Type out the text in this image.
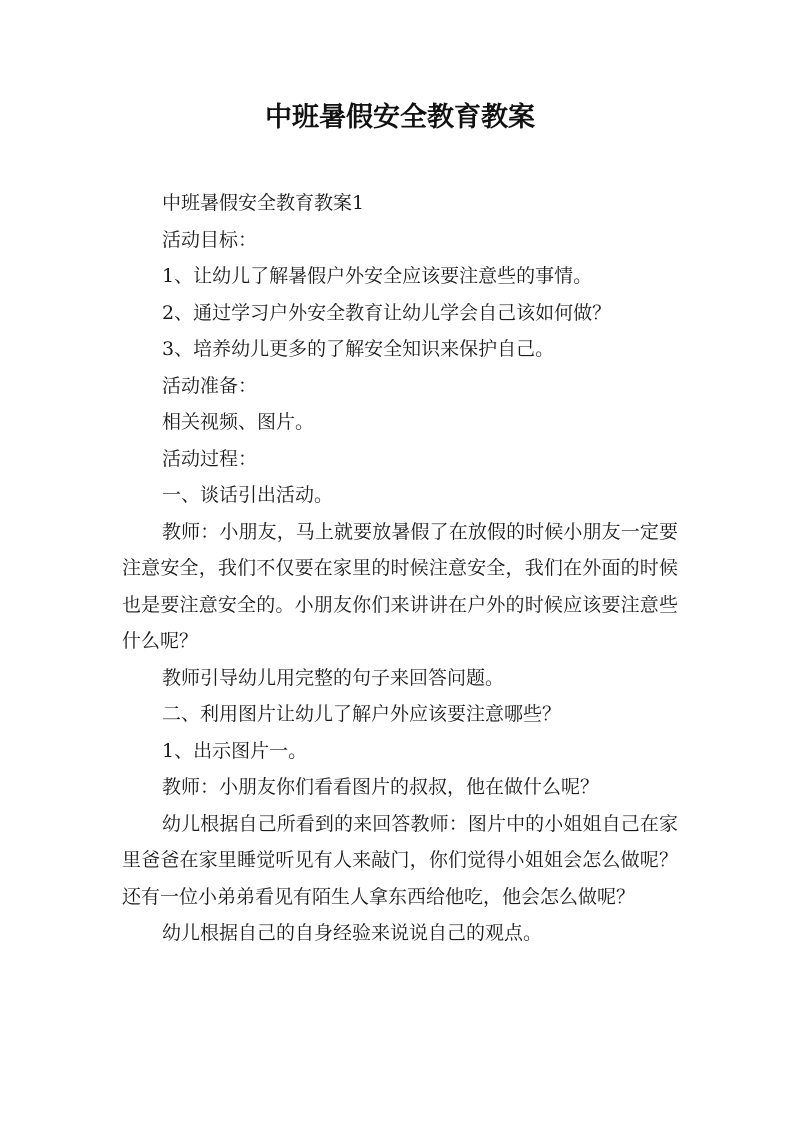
中班暑假安全教育教案

中班暑假安全教育教案1

活动目标：

1、让幼儿了解暑假户外安全应该要注意些的事情。

2、通过学习户外安全教育让幼儿学会自己该如何做？

3、培养幼儿更多的了解安全知识来保护自己。

活动准备：

相关视频、图片。

活动过程：

一、谈话引出活动。

教师：小朋友，马上就要放暑假了在放假的时候小朋友一定要注意安全，我们不仅要在家里的时候注意安全，我们在外面的时候也是要注意安全的。小朋友你们来讲讲在户外的时候应该要注意些什么呢？

教师引导幼儿用完整的句子来回答问题。

二、利用图片让幼儿了解户外应该要注意哪些？

1、出示图片一。

教师：小朋友你们看看图片的叔叔，他在做什么呢？

幼儿根据自己所看到的来回答教师：图片中的小姐姐自己在家里爸爸在家里睡觉听见有人来敲门，你们觉得小姐姐会怎么做呢？还有一位小弟弟看见有陌生人拿东西给他吃，他会怎么做呢？

幼儿根据自己的自身经验来说说自己的观点。
